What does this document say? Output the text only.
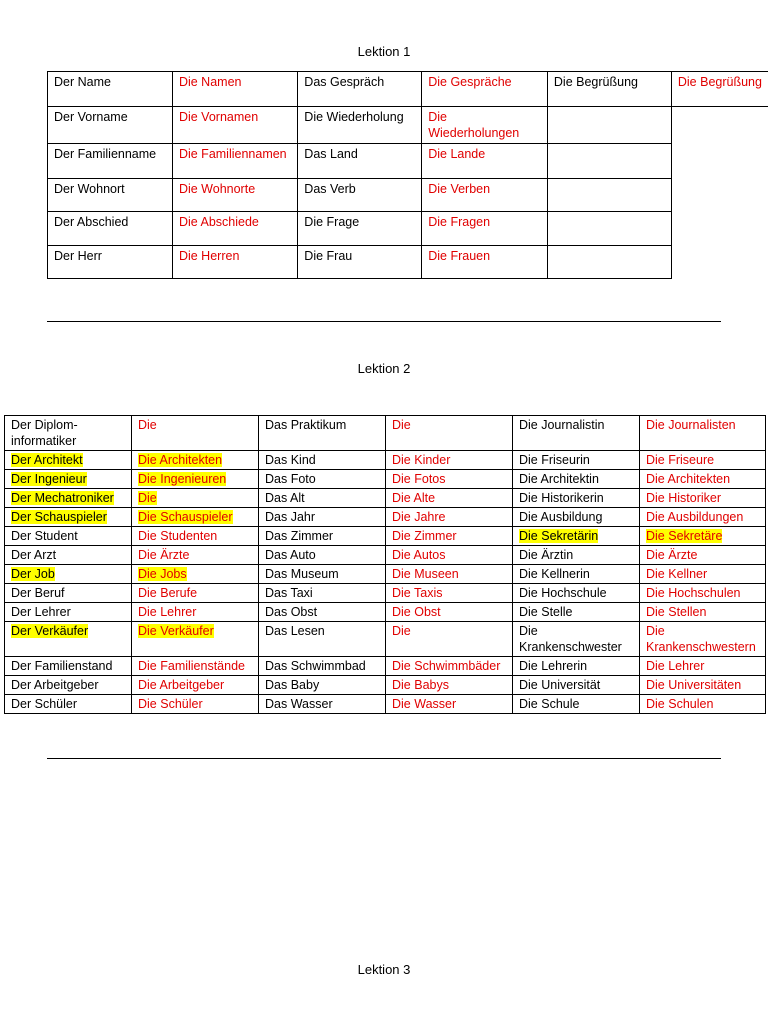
Lektion 1
Der Name	Die Namen	Das Gespräch	Die Gespräche	Die Begrüßung	Die Begrüßung
Der Vorname	Die Vornamen	Die Wiederholung	Die Wiederholungen		
Der Familienname	Die Familiennamen	Das Land	Die Lande		
Der Wohnort	Die Wohnorte	Das Verb	Die Verben		
Der Abschied	Die Abschiede	Die Frage	Die Fragen		
Der Herr	Die Herren	Die Frau	Die Frauen		
Lektion 2
Der Diplom-informatiker	Die	Das Praktikum	Die	Die Journalistin	Die Journalisten
Der Architekt	Die Architekten	Das Kind	Die Kinder	Die Friseurin	Die Friseure
Der Ingenieur	Die Ingenieuren	Das Foto	Die Fotos	Die Architektin	Die Architekten
Der Mechatroniker	Die	Das Alt	Die Alte	Die Historikerin	Die Historiker
Der Schauspieler	Die Schauspieler	Das Jahr	Die Jahre	Die Ausbildung	Die Ausbildungen
Der Student	Die Studenten	Das Zimmer	Die Zimmer	Die Sekretärin	Die Sekretäre
Der Arzt	Die Ärzte	Das Auto	Die Autos	Die Ärztin	Die Ärzte
Der Job	Die Jobs	Das Museum	Die Museen	Die Kellnerin	Die Kellner
Der Beruf	Die Berufe	Das Taxi	Die Taxis	Die Hochschule	Die Hochschulen
Der Lehrer	Die Lehrer	Das Obst	Die Obst	Die Stelle	Die Stellen
Der Verkäufer	Die Verkäufer	Das Lesen	Die	Die Krankenschwester	Die Krankenschwestern
Der Familienstand	Die Familienstände	Das Schwimmbad	Die Schwimmbäder	Die Lehrerin	Die Lehrer
Der Arbeitgeber	Die Arbeitgeber	Das Baby	Die Babys	Die Universität	Die Universitäten
Der Schüler	Die Schüler	Das Wasser	Die Wasser	Die Schule	Die Schulen
Lektion 3
